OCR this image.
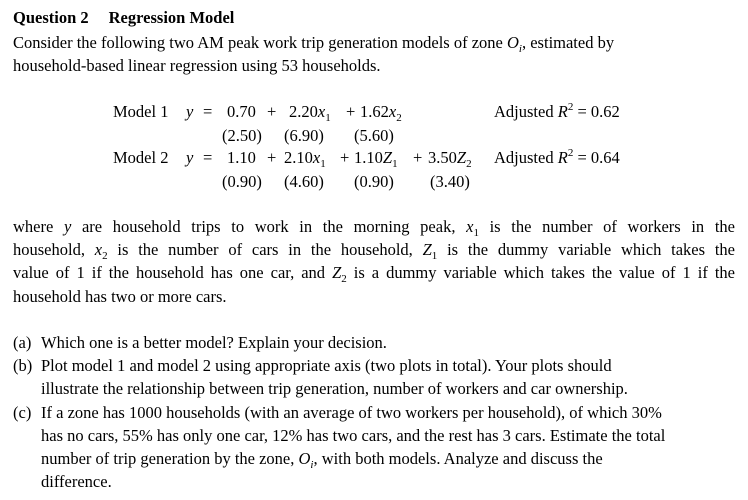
Question 2 Regression Model
Consider the following two AM peak work trip generation models of zone $O_i$, estimated by
household-based linear regression using 53 households.
Model 1 $y = 0.70 + 2.20x_1 + 1.62x_2$	Adjusted $R^2 = 0.62$
(2.50) (6.90) (5.60)
Model 2 $y = 1.10 + 2.10x_1 + 1.10Z_1 + 3.50Z_2$ Adjusted $R^2 = 0.64$
(0.90) (4.60) (0.90) (3.40)
where y are household trips to work in the morning peak, $x_1$ is the number of workers in the
household, $x_2$ is the number of cars in the household, $Z_1$ is the dummy variable which takes the
value of 1 if the household has one car, and $Z_2$ is a dummy variable which takes the value of 1 if the
household has two or more cars.
(a) Which one is a better model? Explain your decision.
(b) Plot model 1 and model 2 using appropriate axis (two plots in total). Your plots should
illustrate the relationship between trip generation, number of workers and car ownership.
(c) If a zone has 1000 households (with an average of two workers per household), of which 30%
has no cars, 55% has only one car, 12% has two cars, and the rest has 3 cars. Estimate the total
number of trip generation by the zone, $O_i$, with both models. Analyze and discuss the
difference.
